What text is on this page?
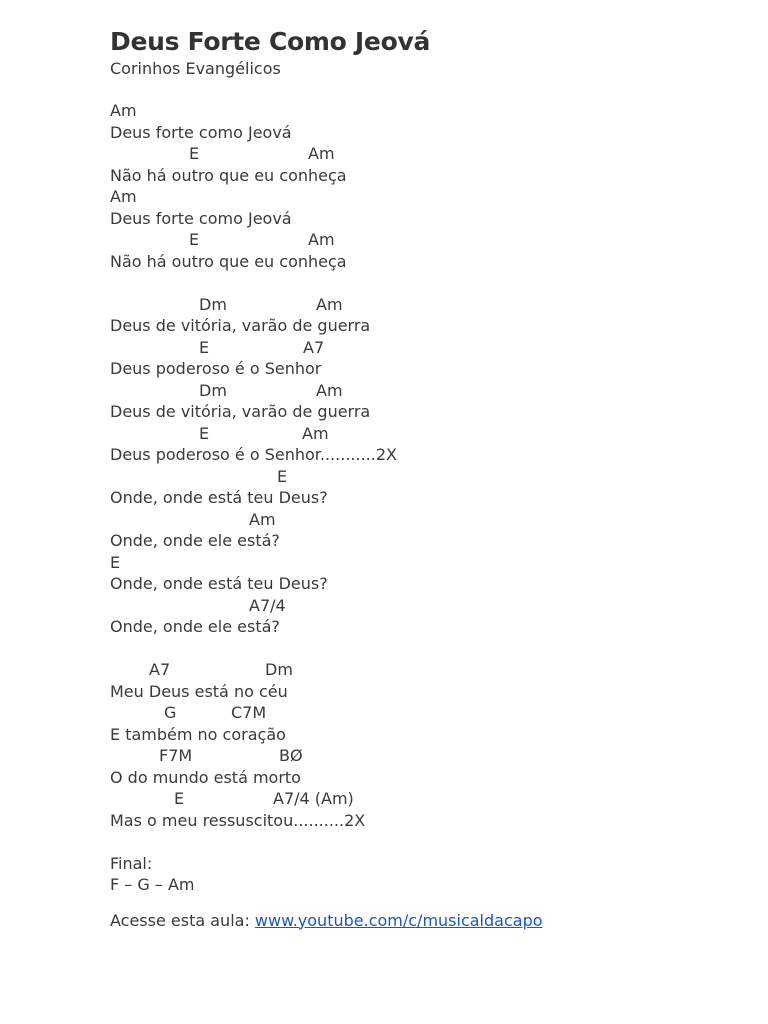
Deus Forte Como Jeová
Corinhos Evangélicos
Am
Deus forte como Jeová
E	Am
Não há outro que eu conheça
Am
Deus forte como Jeová
E	Am
Não há outro que eu conheça
Dm	Am
Deus de vitória, varão de guerra
E	A7
Deus poderoso é o Senhor
Dm	Am
Deus de vitória, varão de guerra
E	Am
Deus poderoso é o Senhor...........2X
E
Onde, onde está teu Deus?
Am
Onde, onde ele está?
E
Onde, onde está teu Deus?
A7/4
Onde, onde ele está?
A7	Dm
Meu Deus está no céu
G	C7M
E também no coração
F7M	BØ
O do mundo está morto
E	A7/4 (Am)
Mas o meu ressuscitou..........2X
Final:
F – G – Am
Acesse esta aula: www.youtube.com/c/musicaldacapo
